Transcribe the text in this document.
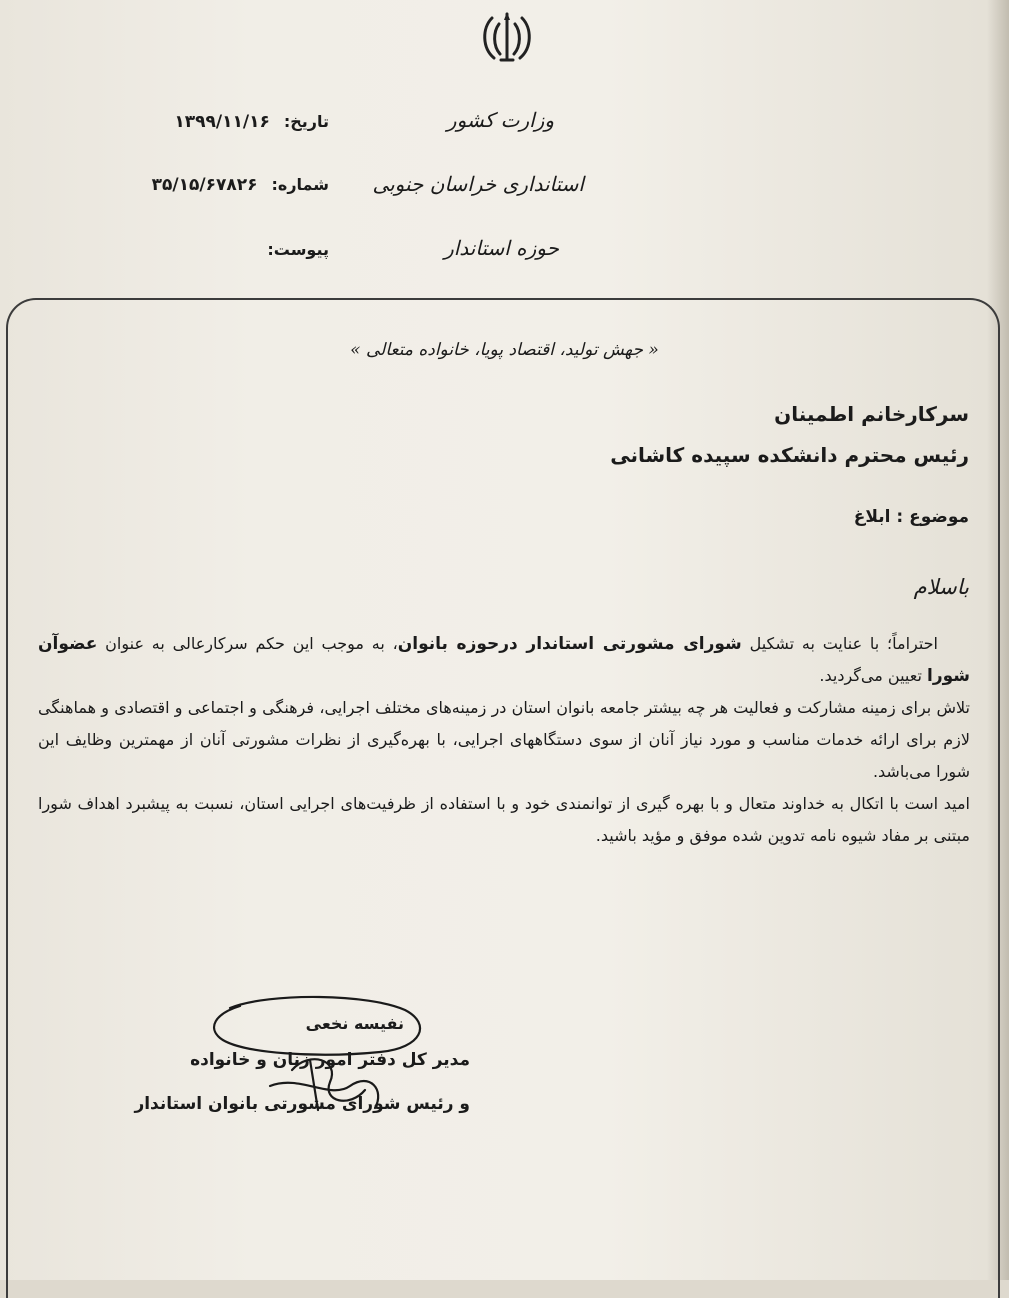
وزارت کشور
استانداری خراسان جنوبی
حوزه استاندار
تاریخ:۱۳۹۹/۱۱/۱۶
شماره:۳۵/۱۵/۶۷۸۲۶
پیوست:
« جهش تولید، اقتصاد پویا، خانواده متعالی »
سرکارخانم اطمینان
رئیس محترم دانشکده سپیده کاشانی
موضوع : ابلاغ
باسلام

احتراماً؛ با عنایت به تشکیل شورای مشورتی استاندار درحوزه بانوان، به موجب این حکم سرکارعالی به عنوان عضوآن شورا تعیین می‌گردید.

تلاش برای زمینه مشارکت و فعالیت هر چه بیشتر جامعه بانوان استان در زمینه‌های مختلف اجرایی، فرهنگی و اجتماعی و اقتصادی و هماهنگی لازم برای ارائه خدمات مناسب و مورد نیاز آنان از سوی دستگاههای اجرایی، با بهره‌گیری از نظرات مشورتی آنان از مهمترین وظایف این شورا می‌باشد.

امید است با اتکال به خداوند متعال و با بهره گیری از توانمندی خود و با استفاده از ظرفیت‌های اجرایی استان، نسبت به پیشبرد اهداف شورا مبتنی بر مفاد شیوه نامه تدوین شده موفق و مؤید باشید.

نفیسه نخعی
مدیر کل دفتر امور زنان و خانواده
و رئیس شورای مشورتی بانوان استاندار
